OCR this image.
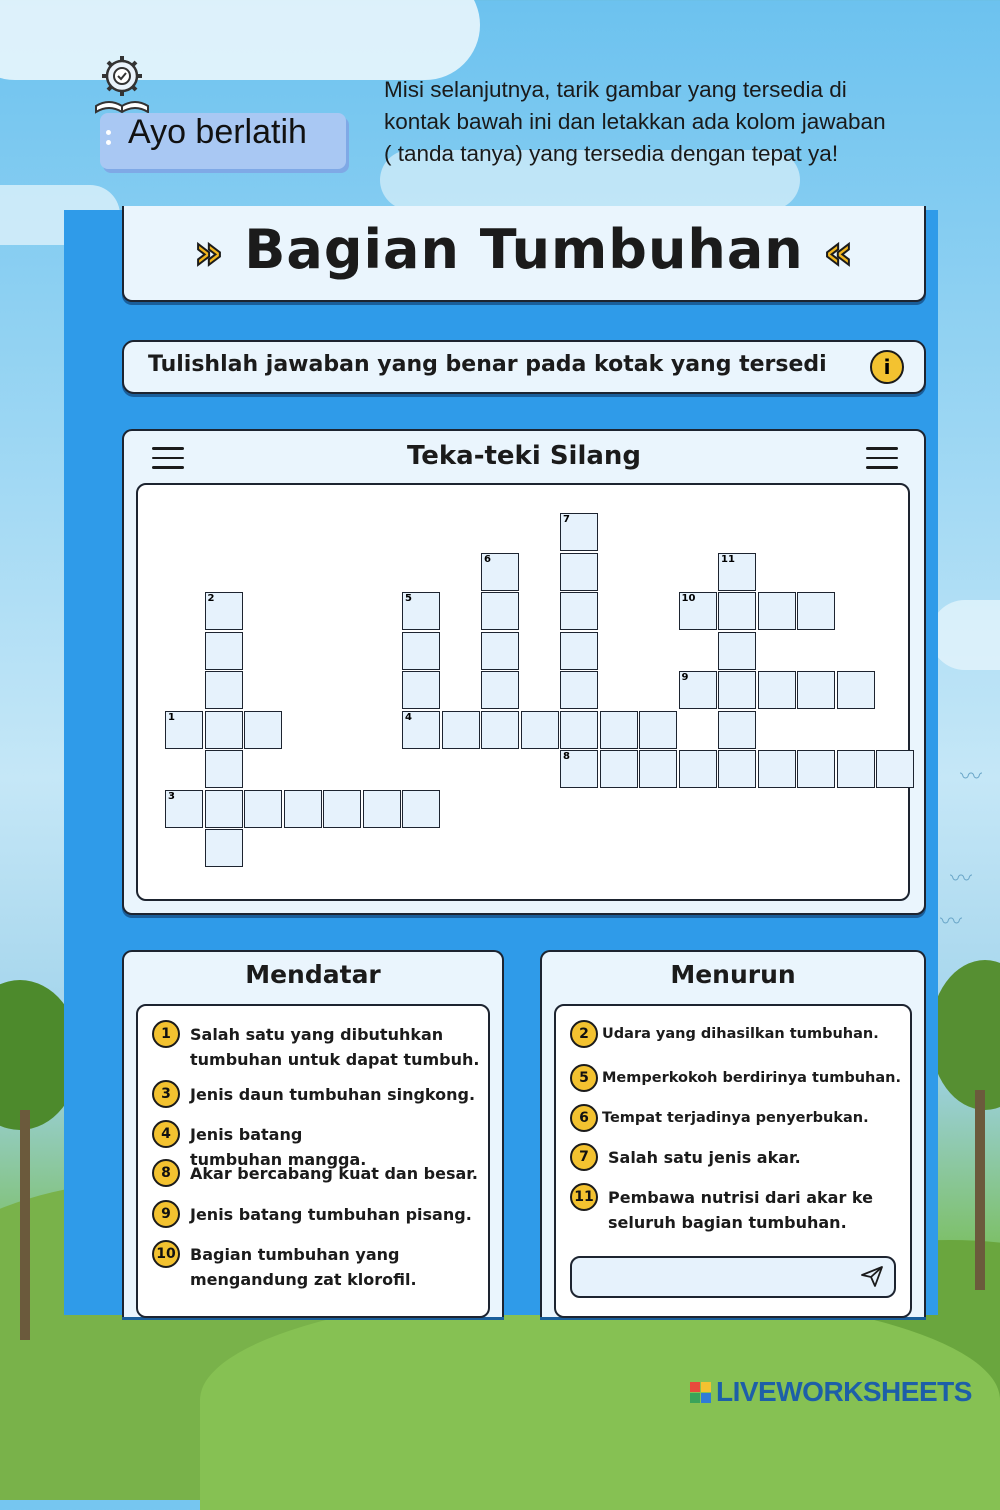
〰
〰
〰
Ayo berlatih
Misi selanjutnya, tarik gambar yang tersedia di
kontak bawah ini dan letakkan ada kolom jawaban
( tanda tanya) yang tersedia dengan tepat ya!
» Bagian Tumbuhan «
Tulishlah jawaban yang benar pada kotak yang tersedi	i
Teka-teki Silang
1
2
3
4
5
6
7
8
9
10
11
Mendatar
1	Salah satu yang dibutuhkan tumbuhan untuk dapat tumbuh.
3	Jenis daun tumbuhan singkong.
4	Jenis batang tumbuhan mangga.
8	Akar bercabang kuat dan besar.
9	Jenis batang tumbuhan pisang.
10 Bagian tumbuhan yang mengandung zat klorofil.
Menurun
2 Udara yang dihasilkan tumbuhan.
5 Memperkokoh berdirinya tumbuhan.
6 Tempat terjadinya penyerbukan.
7	Salah satu jenis akar.
11 Pembawa nutrisi dari akar ke seluruh bagian tumbuhan.
LIVEWORKSHEETS
